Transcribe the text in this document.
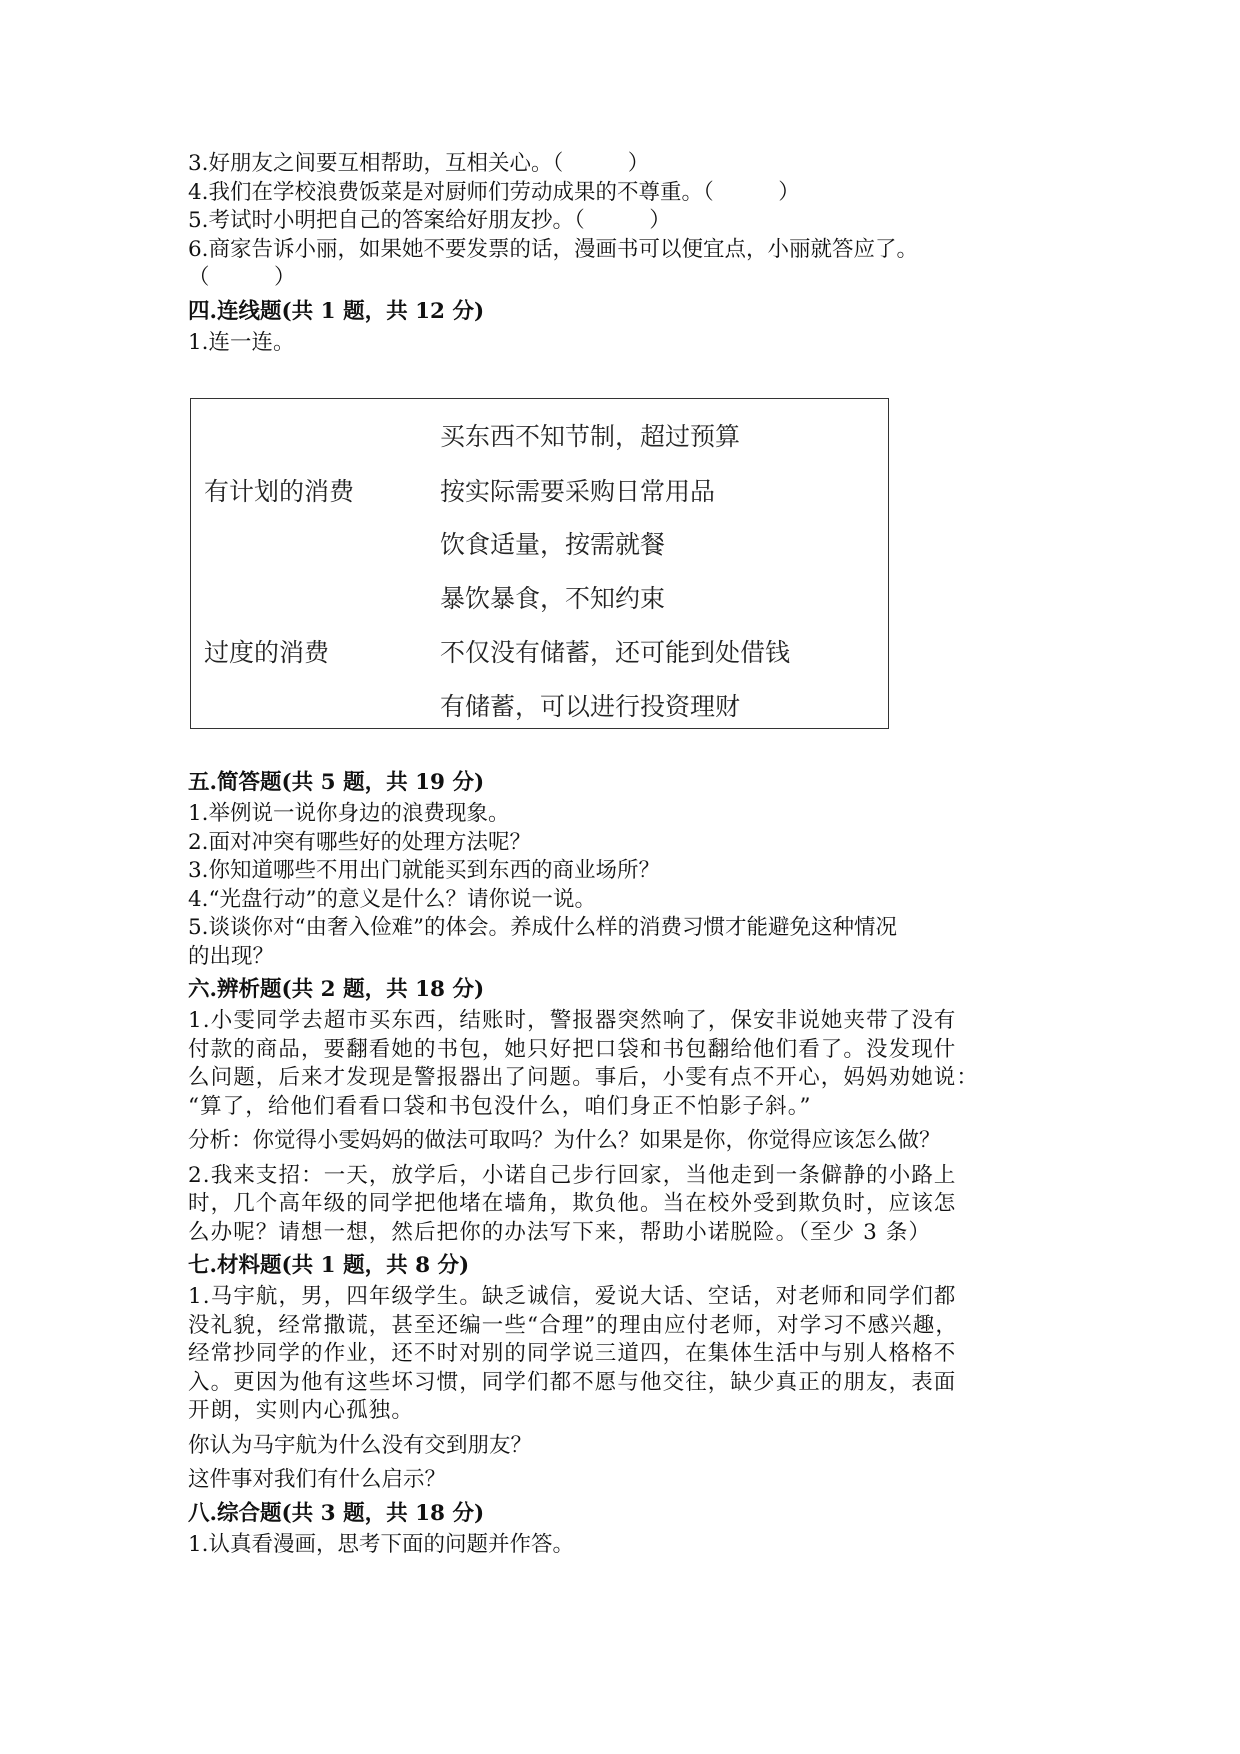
3.好朋友之间要互相帮助，互相关心。（　　　）
4.我们在学校浪费饭菜是对厨师们劳动成果的不尊重。（　　　）
5.考试时小明把自己的答案给好朋友抄。（　　　）
6.商家告诉小丽，如果她不要发票的话，漫画书可以便宜点，小丽就答应了。
（　　　）
四.连线题(共 1 题，共 12 分)
1.连一连。
有计划的消费
过度的消费
买东西不知节制，超过预算
按实际需要采购日常用品
饮食适量，按需就餐
暴饮暴食，不知约束
不仅没有储蓄，还可能到处借钱
有储蓄，可以进行投资理财
五.简答题(共 5 题，共 19 分)
1.举例说一说你身边的浪费现象。
2.面对冲突有哪些好的处理方法呢？
3.你知道哪些不用出门就能买到东西的商业场所？
4.“光盘行动”的意义是什么？请你说一说。
5.谈谈你对“由奢入俭难”的体会。养成什么样的消费习惯才能避免这种情况
的出现？
六.辨析题(共 2 题，共 18 分)
1.小雯同学去超市买东西，结账时，警报器突然响了，保安非说她夹带了没有
付款的商品，要翻看她的书包，她只好把口袋和书包翻给他们看了。没发现什
么问题，后来才发现是警报器出了问题。事后，小雯有点不开心，妈妈劝她说：
“算了，给他们看看口袋和书包没什么，咱们身正不怕影子斜。”
分析：你觉得小雯妈妈的做法可取吗？为什么？如果是你，你觉得应该怎么做？
2.我来支招：一天，放学后，小诺自己步行回家，当他走到一条僻静的小路上
时，几个高年级的同学把他堵在墙角，欺负他。当在校外受到欺负时，应该怎
么办呢？请想一想，然后把你的办法写下来，帮助小诺脱险。（至少 3 条）
七.材料题(共 1 题，共 8 分)
1.马宇航，男，四年级学生。缺乏诚信，爱说大话、空话，对老师和同学们都
没礼貌，经常撒谎，甚至还编一些“合理”的理由应付老师，对学习不感兴趣，
经常抄同学的作业，还不时对别的同学说三道四，在集体生活中与别人格格不
入。更因为他有这些坏习惯，同学们都不愿与他交往，缺少真正的朋友，表面
开朗，实则内心孤独。
你认为马宇航为什么没有交到朋友？
这件事对我们有什么启示？
八.综合题(共 3 题，共 18 分)
1.认真看漫画，思考下面的问题并作答。
